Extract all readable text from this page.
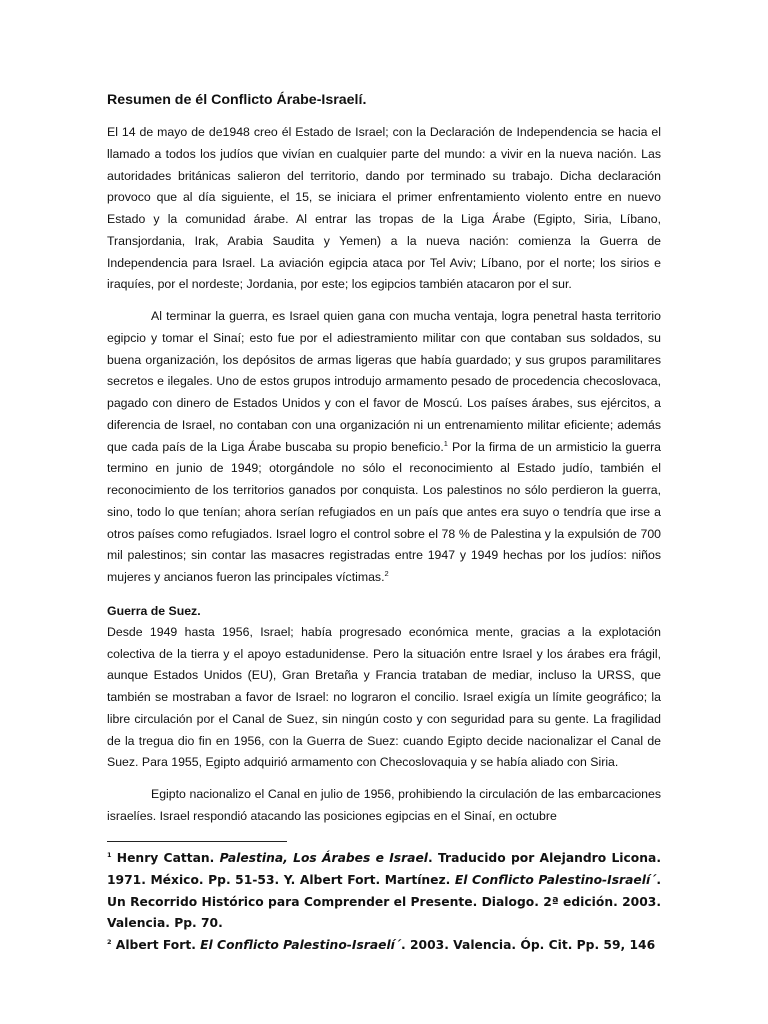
Resumen de él Conflicto Árabe-Israelí.

El 14 de mayo de de1948 creo él Estado de Israel; con la Declaración de Independencia se hacia el llamado a todos los judíos que vivían en cualquier parte del mundo: a vivir en la nueva nación. Las autoridades británicas salieron del territorio, dando por terminado su trabajo. Dicha declaración provoco que al día siguiente, el 15, se iniciara el primer enfrentamiento violento entre en nuevo Estado y la comunidad árabe. Al entrar las tropas de la Liga Árabe (Egipto, Siria, Líbano, Transjordania, Irak, Arabia Saudita y Yemen) a la nueva nación: comienza la Guerra de Independencia para Israel. La aviación egipcia ataca por Tel Aviv; Líbano, por el norte; los sirios e iraquíes, por el nordeste; Jordania, por este; los egipcios también atacaron por el sur.

Al terminar la guerra, es Israel quien gana con mucha ventaja, logra penetral hasta territorio egipcio y tomar el Sinaí; esto fue por el adiestramiento militar con que contaban sus soldados, su buena organización, los depósitos de armas ligeras que había guardado; y sus grupos paramilitares secretos e ilegales. Uno de estos grupos introdujo armamento pesado de procedencia checoslovaca, pagado con dinero de Estados Unidos y con el favor de Moscú. Los países árabes, sus ejércitos, a diferencia de Israel, no contaban con una organización ni un entrenamiento militar eficiente; además que cada país de la Liga Árabe buscaba su propio beneficio.$^1$ Por la firma de un armisticio la guerra termino en junio de 1949; otorgándole no sólo el reconocimiento al Estado judío, también el reconocimiento de los territorios ganados por conquista. Los palestinos no sólo perdieron la guerra, sino, todo lo que tenían; ahora serían refugiados en un país que antes era suyo o tendría que irse a otros países como refugiados. Israel logro el control sobre el 78 % de Palestina y la expulsión de 700 mil palestinos; sin contar las masacres registradas entre 1947 y 1949 hechas por los judíos: niños mujeres y ancianos fueron las principales víctimas.$^2$

Guerra de Suez.

Desde 1949 hasta 1956, Israel; había progresado económica mente, gracias a la explotación colectiva de la tierra y el apoyo estadunidense. Pero la situación entre Israel y los árabes era frágil, aunque Estados Unidos (EU), Gran Bretaña y Francia trataban de mediar, incluso la URSS, que también se mostraban a favor de Israel: no lograron el concilio. Israel exigía un límite geográfico; la libre circulación por el Canal de Suez, sin ningún costo y con seguridad para su gente. La fragilidad de la tregua dio fin en 1956, con la Guerra de Suez: cuando Egipto decide nacionalizar el Canal de Suez. Para 1955, Egipto adquirió armamento con Checoslovaquia y se había aliado con Siria.

Egipto nacionalizo el Canal en julio de 1956, prohibiendo la circulación de las embarcaciones israelíes. Israel respondió atacando las posiciones egipcias en el Sinaí, en octubre

$^1$ Henry Cattan. Palestina, Los Árabes e Israel. Traducido por Alejandro Licona. 1971. México. Pp. 51-53. Y. Albert Fort. Martínez. El Conflicto Palestino-Israelí´. Un Recorrido Histórico para Comprender el Presente. Dialogo. 2ª edición. 2003. Valencia. Pp. 70.

$^2$ Albert Fort. El Conflicto Palestino-Israelí´. 2003. Valencia. Óp. Cit. Pp. 59, 146
